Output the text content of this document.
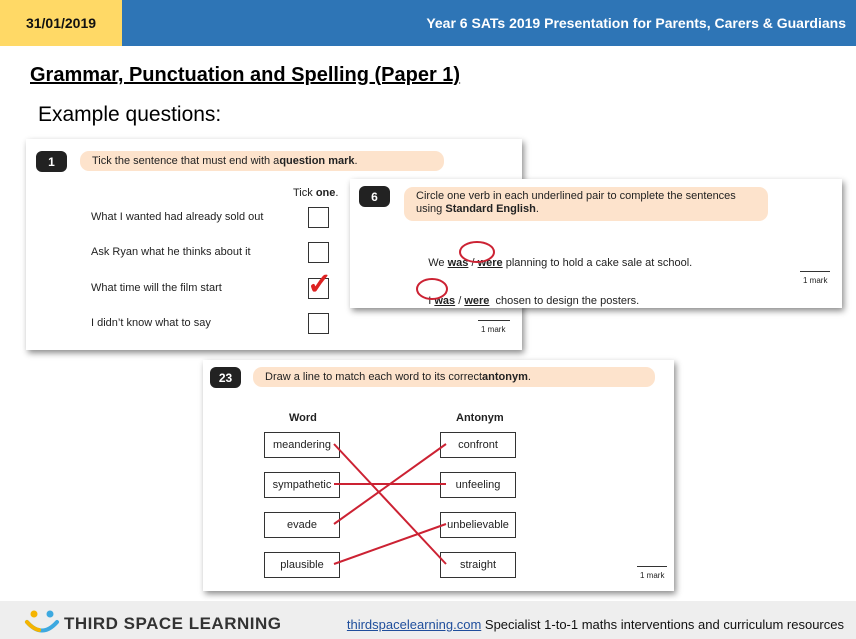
31/01/2019	Year 6 SATs 2019 Presentation for Parents, Carers & Guardians
Grammar, Punctuation and Spelling (Paper 1)
Example questions:
1	Tick the sentence that must end with a question mark .
Tick one.
What I wanted had already sold out
Ask Ryan what he thinks about it
What time will the film start	✓
I didn’t know what to say
1 mark
6	Circle one verb in each underlined pair to complete the sentences
using Standard English.

We was / were planning to hold a cake sale at school.

I was / were  chosen to design the posters.

1 mark
23	Draw a line to match each word to its correct antonym .
Word	Antonym
meandering
sympathetic
evade
plausible
confront
unfeeling
unbelievable
straight
1 mark
THIRD SPACE LEARNING	thirdspacelearning.com Specialist 1-to-1 maths interventions and curriculum resources
